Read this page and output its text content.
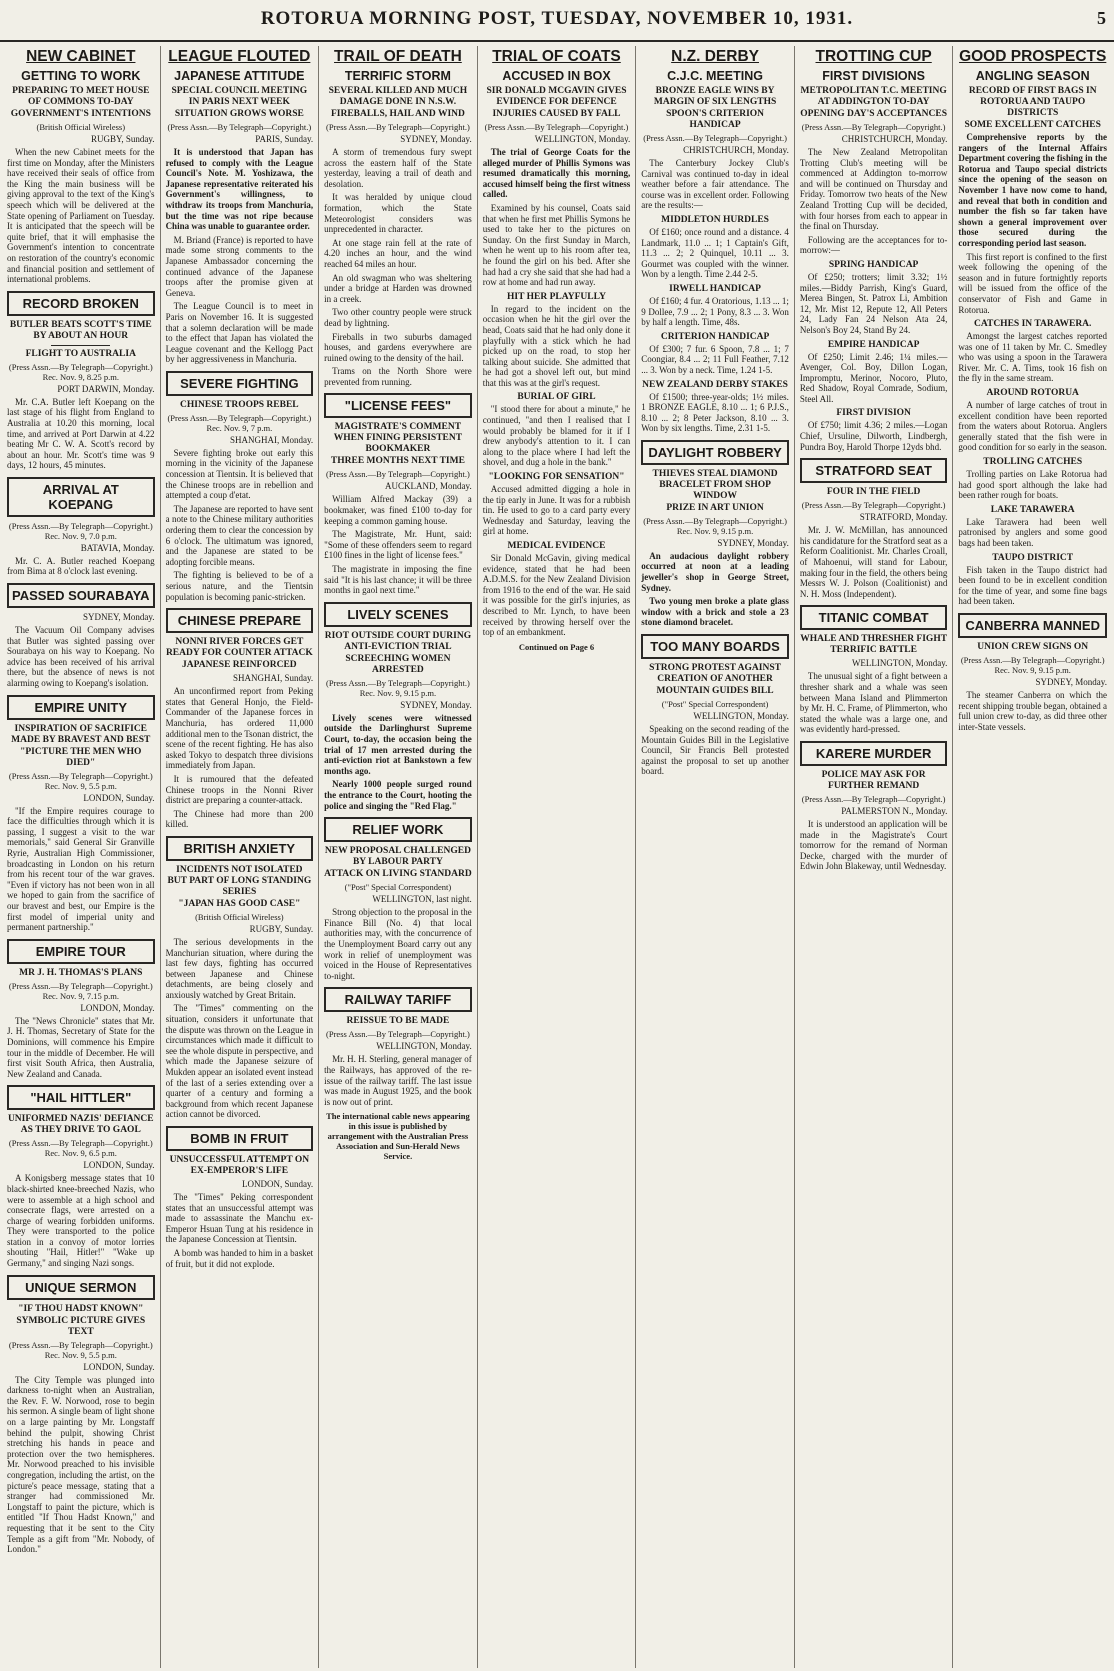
ROTORUA MORNING POST, TUESDAY, NOVEMBER 10, 1931.	5
NEW CABINET
GETTING TO WORK
PREPARING TO MEET HOUSE OF COMMONS TO-DAY
GOVERNMENT'S INTENTIONS
(British Official Wireless)
RUGBY, Sunday.
When the new Cabinet meets for the first time on Monday, after the Ministers have received their seals of office from the King the main business will be giving approval to the text of the King's speech which will be delivered at the State opening of Parliament on Tuesday. It is anticipated that the speech will be quite brief, that it will emphasise the Government's intention to concentrate on restoration of the country's economic and financial position and settlement of international problems.
RECORD BROKEN
BUTLER BEATS SCOTT'S TIME BY ABOUT AN HOUR
FLIGHT TO AUSTRALIA
(Press Assn.—By Telegraph—Copyright.) Rec. Nov. 9, 8.25 p.m.
PORT DARWIN, Monday.
Mr. C.A. Butler left Koepang on the last stage of his flight from England to Australia at 10.20 this morning, local time, and arrived at Port Darwin at 4.22 beating Mr C. W. A. Scott's record by about an hour. Mr. Scott's time was 9 days, 12 hours, 45 minutes.
ARRIVAL AT KOEPANG
(Press Assn.—By Telegraph—Copyright.) Rec. Nov. 9, 7.0 p.m.
BATAVIA, Monday.
Mr. C. A. Butler reached Koepang from Bima at 8 o'clock last evening.
PASSED SOURABAYA
SYDNEY, Monday.
The Vacuum Oil Company advises that Butler was sighted passing over Sourabaya on his way to Koepang. No advice has been received of his arrival there, but the absence of news is not alarming owing to Koepang's isolation.
EMPIRE UNITY
INSPIRATION OF SACRIFICE MADE BY BRAVEST AND BEST
"PICTURE THE MEN WHO DIED"
(Press Assn.—By Telegraph—Copyright.) Rec. Nov. 9, 5.5 p.m.
LONDON, Sunday.
"If the Empire requires courage to face the difficulties through which it is passing, I suggest a visit to the war memorials," said General Sir Granville Ryrie, Australian High Commissioner, broadcasting in London on his return from his recent tour of the war graves. "Even if victory has not been won in all we hoped to gain from the sacrifice of our bravest and best, our Empire is the first model of imperial unity and permanent partnership."
EMPIRE TOUR
MR J. H. THOMAS'S PLANS
(Press Assn.—By Telegraph—Copyright.) Rec. Nov. 9, 7.15 p.m.
LONDON, Monday.
The "News Chronicle" states that Mr. J. H. Thomas, Secretary of State for the Dominions, will commence his Empire tour in the middle of December. He will first visit South Africa, then Australia, New Zealand and Canada.
"HAIL HITTLER"
UNIFORMED NAZIS' DEFIANCE AS THEY DRIVE TO GAOL
(Press Assn.—By Telegraph—Copyright.) Rec. Nov. 9, 6.5 p.m.
LONDON, Sunday.
A Konigsberg message states that 10 black-shirted knee-breeched Nazis, who were to assemble at a high school and consecrate flags, were arrested on a charge of wearing forbidden uniforms. They were transported to the police station in a convoy of motor lorries shouting "Hail, Hitler!" "Wake up Germany," and singing Nazi songs.
UNIQUE SERMON
"IF THOU HADST KNOWN"
SYMBOLIC PICTURE GIVES TEXT
(Press Assn.—By Telegraph—Copyright.) Rec. Nov. 9, 5.5 p.m.
LONDON, Sunday.
The City Temple was plunged into darkness to-night when an Australian, the Rev. F. W. Norwood, rose to begin his sermon. A single beam of light shone on a large painting by Mr. Longstaff behind the pulpit, showing Christ stretching his hands in peace and protection over the two hemispheres. Mr. Norwood preached to his invisible congregation, including the artist, on the picture's peace message, stating that a stranger had commissioned Mr. Longstaff to paint the picture, which is entitled "If Thou Hadst Known," and requesting that it be sent to the City Temple as a gift from "Mr. Nobody, of London."
LEAGUE FLOUTED
JAPANESE ATTITUDE
SPECIAL COUNCIL MEETING IN PARIS NEXT WEEK
SITUATION GROWS WORSE
(Press Assn.—By Telegraph—Copyright.)
PARIS, Sunday.
It is understood that Japan has refused to comply with the League Council's Note. M. Yoshizawa, the Japanese representative reiterated his Government's willingness, to withdraw its troops from Manchuria, but the time was not ripe because China was unable to guarantee order.
M. Briand (France) is reported to have made some strong comments to the Japanese Ambassador concerning the continued advance of the Japanese troops after the promise given at Geneva.
The League Council is to meet in Paris on November 16. It is suggested that a solemn declaration will be made to the effect that Japan has violated the League covenant and the Kellogg Pact by her aggressiveness in Manchuria.
SEVERE FIGHTING
CHINESE TROOPS REBEL
(Press Assn.—By Telegraph—Copyright.) Rec. Nov. 9, 7 p.m.
SHANGHAI, Monday.
Severe fighting broke out early this morning in the vicinity of the Japanese concession at Tientsin. It is believed that the Chinese troops are in rebellion and attempted a coup d'etat.
The Japanese are reported to have sent a note to the Chinese military authorities ordering them to clear the concession by 6 o'clock. The ultimatum was ignored, and the Japanese are stated to be adopting forcible means.
The fighting is believed to be of a serious nature, and the Tientsin population is becoming panic-stricken.
CHINESE PREPARE
NONNI RIVER FORCES GET READY FOR COUNTER ATTACK
JAPANESE REINFORCED
SHANGHAI, Sunday.
An unconfirmed report from Peking states that General Honjo, the Field-Commander of the Japanese forces in Manchuria, has ordered 11,000 additional men to the Tsonan district, the scene of the recent fighting. He has also asked Tokyo to despatch three divisions immediately from Japan.
It is rumoured that the defeated Chinese troops in the Nonni River district are preparing a counter-attack.
The Chinese had more than 200 killed.
BRITISH ANXIETY
INCIDENTS NOT ISOLATED BUT PART OF LONG STANDING SERIES
"JAPAN HAS GOOD CASE"
(British Official Wireless)
RUGBY, Sunday.
The serious developments in the Manchurian situation, where during the last few days, fighting has occurred between Japanese and Chinese detachments, are being closely and anxiously watched by Great Britain.
The "Times" commenting on the situation, considers it unfortunate that the dispute was thrown on the League in circumstances which made it difficult to see the whole dispute in perspective, and which made the Japanese seizure of Mukden appear an isolated event instead of the last of a series extending over a quarter of a century and forming a background from which recent Japanese action cannot be divorced.
BOMB IN FRUIT
UNSUCCESSFUL ATTEMPT ON EX-EMPEROR'S LIFE
LONDON, Sunday.
The "Times" Peking correspondent states that an unsuccessful attempt was made to assassinate the Manchu ex-Emperor Hsuan Tung at his residence in the Japanese Concession at Tientsin.
A bomb was handed to him in a basket of fruit, but it did not explode.
TRAIL OF DEATH
TERRIFIC STORM
SEVERAL KILLED AND MUCH DAMAGE DONE IN N.S.W.
FIREBALLS, HAIL AND WIND
(Press Assn.—By Telegraph—Copyright.)
SYDNEY, Monday.
A storm of tremendous fury swept across the eastern half of the State yesterday, leaving a trail of death and desolation.
It was heralded by unique cloud formation, which the State Meteorologist considers was unprecedented in character.
At one stage rain fell at the rate of 4.20 inches an hour, and the wind reached 64 miles an hour.
An old swagman who was sheltering under a bridge at Harden was drowned in a creek.
Two other country people were struck dead by lightning.
Fireballs in two suburbs damaged houses, and gardens everywhere are ruined owing to the density of the hail.
Trams on the North Shore were prevented from running.
"LICENSE FEES"
MAGISTRATE'S COMMENT WHEN FINING PERSISTENT BOOKMAKER
THREE MONTHS NEXT TIME
(Press Assn.—By Telegraph—Copyright.)
AUCKLAND, Monday.
William Alfred Mackay (39) a bookmaker, was fined £100 to-day for keeping a common gaming house.
The Magistrate, Mr. Hunt, said: "Some of these offenders seem to regard £100 fines in the light of license fees."
The magistrate in imposing the fine said "It is his last chance; it will be three months in gaol next time."
LIVELY SCENES
RIOT OUTSIDE COURT DURING ANTI-EVICTION TRIAL
SCREECHING WOMEN ARRESTED
(Press Assn.—By Telegraph—Copyright.) Rec. Nov. 9, 9.15 p.m.
SYDNEY, Monday.
Lively scenes were witnessed outside the Darlinghurst Supreme Court, to-day, the occasion being the trial of 17 men arrested during the anti-eviction riot at Bankstown a few months ago.
Nearly 1000 people surged round the entrance to the Court, hooting the police and singing the "Red Flag."
RELIEF WORK
NEW PROPOSAL CHALLENGED BY LABOUR PARTY
ATTACK ON LIVING STANDARD
("Post" Special Correspondent)
WELLINGTON, last night.
Strong objection to the proposal in the Finance Bill (No. 4) that local authorities may, with the concurrence of the Unemployment Board carry out any work in relief of unemployment was voiced in the House of Representatives to-night.
RAILWAY TARIFF
REISSUE TO BE MADE
(Press Assn.—By Telegraph—Copyright.)
WELLINGTON, Monday.
Mr. H. H. Sterling, general manager of the Railways, has approved of the re-issue of the railway tariff. The last issue was made in August 1925, and the book is now out of print.
The international cable news appearing in this issue is published by arrangement with the Australian Press Association and Sun-Herald News Service.
TRIAL OF COATS
ACCUSED IN BOX
SIR DONALD MCGAVIN GIVES EVIDENCE FOR DEFENCE
INJURIES CAUSED BY FALL
(Press Assn.—By Telegraph—Copyright.)
WELLINGTON, Monday.
The trial of George Coats for the alleged murder of Phillis Symons was resumed dramatically this morning, accused himself being the first witness called.
Examined by his counsel, Coats said that when he first met Phillis Symons he used to take her to the pictures on Sunday. On the first Sunday in March, when he went up to his room after tea, he found the girl on his bed. After she had had a cry she said that she had had a row at home and had run away.
HIT HER PLAYFULLY
In regard to the incident on the occasion when he hit the girl over the head, Coats said that he had only done it playfully with a stick which he had picked up on the road, to stop her talking about suicide. She admitted that he had got a shovel left out, but mind that this was at the girl's request.
BURIAL OF GIRL
"I stood there for about a minute," he continued, "and then I realised that I would probably be blamed for it if I drew anybody's attention to it. I can along to the place where I had left the shovel, and dug a hole in the bank."
"LOOKING FOR SENSATION"
Accused admitted digging a hole in the tip early in June. It was for a rubbish tin. He used to go to a card party every Wednesday and Saturday, leaving the girl at home.
MEDICAL EVIDENCE
Sir Donald McGavin, giving medical evidence, stated that he had been A.D.M.S. for the New Zealand Division from 1916 to the end of the war. He said it was possible for the girl's injuries, as described to Mr. Lynch, to have been received by throwing herself over the top of an embankment.
Continued on Page 6
N.Z. DERBY
C.J.C. MEETING
BRONZE EAGLE WINS BY MARGIN OF SIX LENGTHS
SPOON'S CRITERION HANDICAP
(Press Assn.—By Telegraph—Copyright.)
CHRISTCHURCH, Monday.
The Canterbury Jockey Club's Carnival was continued to-day in ideal weather before a fair attendance. The course was in excellent order. Following are the results:—
MIDDLETON HURDLES
Of £160; once round and a distance. 4 Landmark, 11.0 ... 1; 1 Captain's Gift, 11.3 ... 2; 2 Quinquel, 10.11 ... 3. Gourmet was coupled with the winner. Won by a length. Time 2.44 2-5.
IRWELL HANDICAP
Of £160; 4 fur. 4 Oratorious, 1.13 ... 1; 9 Dollee, 7.9 ... 2; 1 Pony, 8.3 ... 3. Won by half a length. Time, 48s.
CRITERION HANDICAP
Of £300; 7 fur. 6 Spoon, 7.8 ... 1; 7 Coongiar, 8.4 ... 2; 11 Full Feather, 7.12 ... 3. Won by a neck. Time, 1.24 1-5.
NEW ZEALAND DERBY STAKES
Of £1500; three-year-olds; 1½ miles. 1 BRONZE EAGLE, 8.10 ... 1; 6 P.J.S., 8.10 ... 2; 8 Peter Jackson, 8.10 ... 3. Won by six lengths. Time, 2.31 1-5.
DAYLIGHT ROBBERY
THIEVES STEAL DIAMOND BRACELET FROM SHOP WINDOW
PRIZE IN ART UNION
(Press Assn.—By Telegraph—Copyright.) Rec. Nov. 9, 9.15 p.m.
SYDNEY, Monday.
An audacious daylight robbery occurred at noon at a leading jeweller's shop in George Street, Sydney.
Two young men broke a plate glass window with a brick and stole a 23 stone diamond bracelet.
TOO MANY BOARDS
STRONG PROTEST AGAINST CREATION OF ANOTHER
MOUNTAIN GUIDES BILL
("Post" Special Correspondent)
WELLINGTON, Monday.
Speaking on the second reading of the Mountain Guides Bill in the Legislative Council, Sir Francis Bell protested against the proposal to set up another board.
TROTTING CUP
FIRST DIVISIONS
METROPOLITAN T.C. MEETING AT ADDINGTON TO-DAY
OPENING DAY'S ACCEPTANCES
(Press Assn.—By Telegraph—Copyright.)
CHRISTCHURCH, Monday.
The New Zealand Metropolitan Trotting Club's meeting will be commenced at Addington to-morrow and will be continued on Thursday and Friday. Tomorrow two heats of the New Zealand Trotting Cup will be decided, with four horses from each to appear in the final on Thursday.
Following are the acceptances for to-morrow:—
SPRING HANDICAP
Of £250; trotters; limit 3.32; 1½ miles.—Biddy Parrish, King's Guard, Merea Bingen, St. Patrox Li, Ambition 12, Mr. Mist 12, Repute 12, All Peters 24, Lady Fan 24 Nelson Ata 24, Nelson's Boy 24, Stand By 24.
EMPIRE HANDICAP
Of £250; Limit 2.46; 1¼ miles.—Avenger, Col. Boy, Dillon Logan, Impromptu, Merinor, Nocoro, Pluto, Red Shadow, Royal Comrade, Sodium, Steel All.
FIRST DIVISION
Of £750; limit 4.36; 2 miles.—Logan Chief, Ursuline, Dilworth, Lindbergh, Pundra Boy, Harold Thorpe 12yds bhd.
STRATFORD SEAT
FOUR IN THE FIELD
(Press Assn.—By Telegraph—Copyright.)
STRATFORD, Monday.
Mr. J. W. McMillan, has announced his candidature for the Stratford seat as a Reform Coalitionist. Mr. Charles Croall, of Mahoenui, will stand for Labour, making four in the field, the others being Messrs W. J. Polson (Coalitionist) and N. H. Moss (Independent).
TITANIC COMBAT
WHALE AND THRESHER FIGHT TERRIFIC BATTLE
WELLINGTON, Monday.
The unusual sight of a fight between a thresher shark and a whale was seen between Mana Island and Plimmerton by Mr. H. C. Frame, of Plimmerton, who stated the whale was a large one, and was evidently hard-pressed.
KARERE MURDER
POLICE MAY ASK FOR FURTHER REMAND
(Press Assn.—By Telegraph—Copyright.)
PALMERSTON N., Monday.
It is understood an application will be made in the Magistrate's Court tomorrow for the remand of Norman Decke, charged with the murder of Edwin John Blakeway, until Wednesday.
GOOD PROSPECTS
ANGLING SEASON
RECORD OF FIRST BAGS IN ROTORUA AND TAUPO DISTRICTS
SOME EXCELLENT CATCHES
Comprehensive reports by the rangers of the Internal Affairs Department covering the fishing in the Rotorua and Taupo special districts since the opening of the season on November 1 have now come to hand, and reveal that both in condition and number the fish so far taken have shown a general improvement over those secured during the corresponding period last season.
This first report is confined to the first week following the opening of the season and in future fortnightly reports will be issued from the office of the conservator of Fish and Game in Rotorua.
CATCHES IN TARAWERA.
Amongst the largest catches reported was one of 11 taken by Mr. C. Smedley who was using a spoon in the Tarawera River. Mr. C. A. Tims, took 16 fish on the fly in the same stream.
AROUND ROTORUA
A number of large catches of trout in excellent condition have been reported from the waters about Rotorua. Anglers generally stated that the fish were in good condition for so early in the season.
TROLLING CATCHES
Trolling parties on Lake Rotorua had had good sport although the lake had been rather rough for boats.
LAKE TARAWERA
Lake Tarawera had been well patronised by anglers and some good bags had been taken.
TAUPO DISTRICT
Fish taken in the Taupo district had been found to be in excellent condition for the time of year, and some fine bags had been taken.
CANBERRA MANNED
UNION CREW SIGNS ON
(Press Assn.—By Telegraph—Copyright.) Rec. Nov. 9, 9.15 p.m.
SYDNEY, Monday.
The steamer Canberra on which the recent shipping trouble began, obtained a full union crew to-day, as did three other inter-State vessels.
